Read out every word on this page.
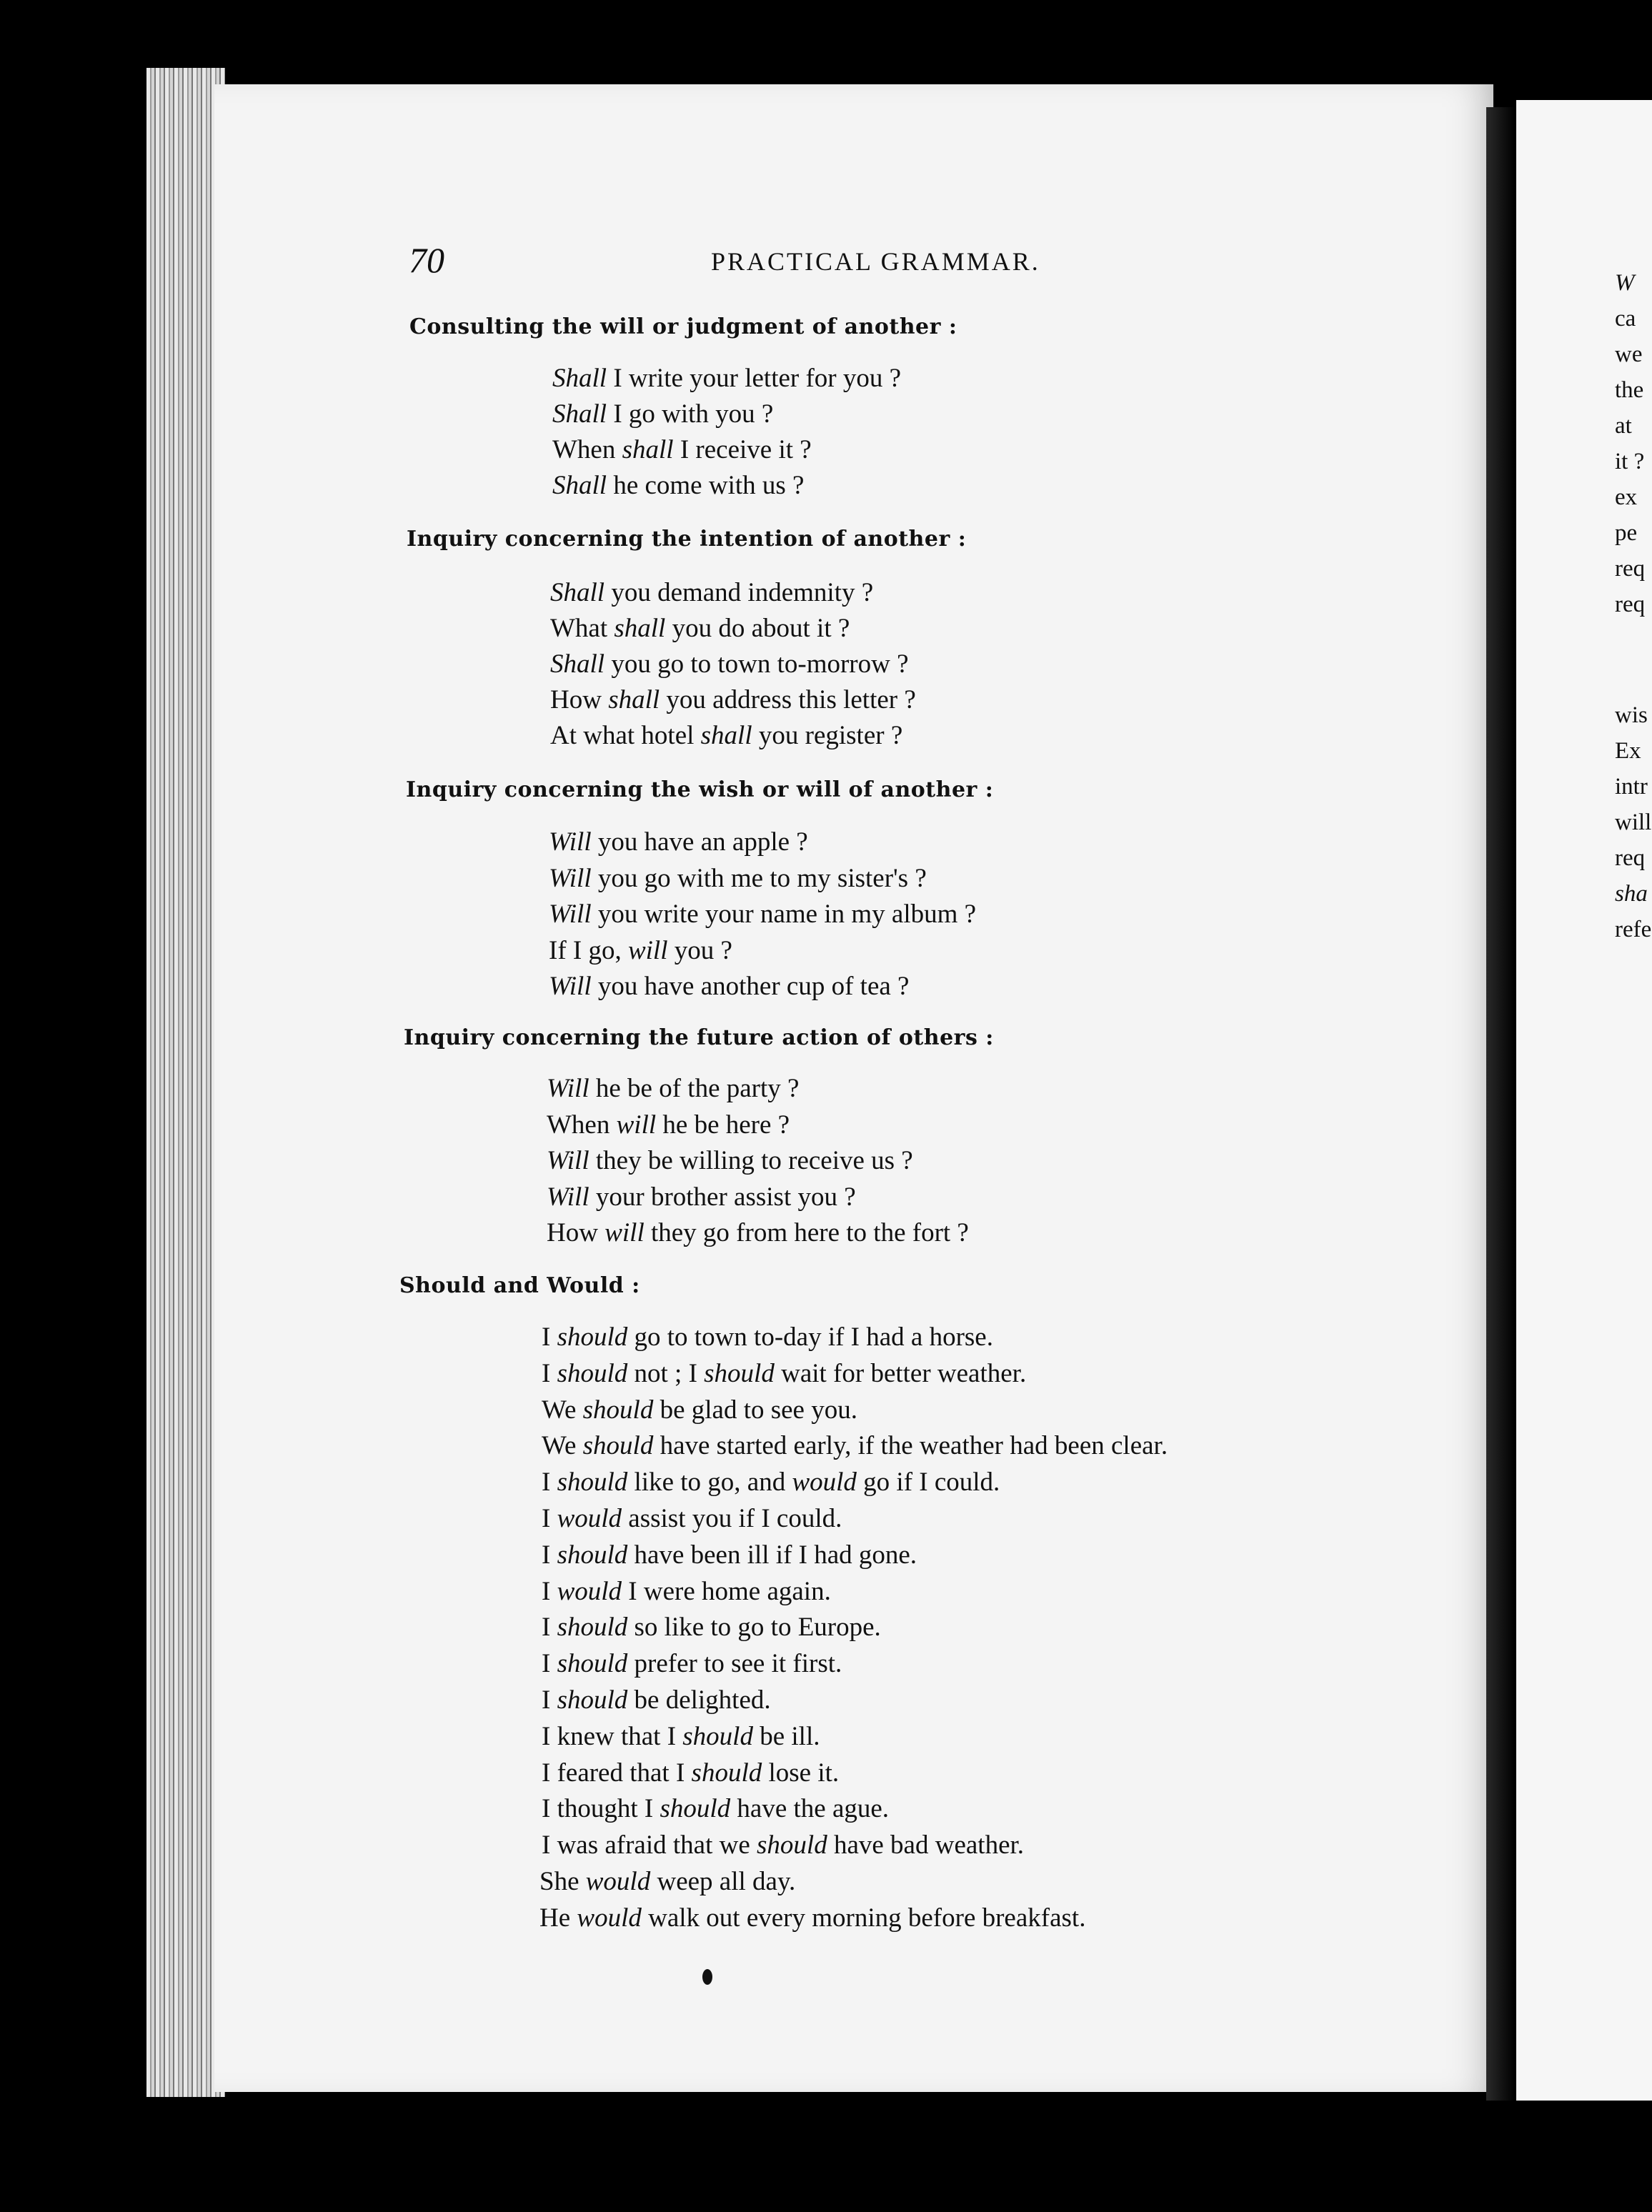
W
ca
we
the
at
it ?
ex
pe
req
req
wis
Ex
intr
will
req
sha
refe
70	PRACTICAL GRAMMAR.
Consulting the will or judgment of another :
Shall I write your letter for you ?
Shall I go with you ?
When shall I receive it ?
Shall he come with us ?
Inquiry concerning the intention of another :
Shall you demand indemnity ?
What shall you do about it ?
Shall you go to town to-morrow ?
How shall you address this letter ?
At what hotel shall you register ?
Inquiry concerning the wish or will of another :
Will you have an apple ?
Will you go with me to my sister's ?
Will you write your name in my album ?
If I go, will you ?
Will you have another cup of tea ?
Inquiry concerning the future action of others :
Will he be of the party ?
When will he be here ?
Will they be willing to receive us ?
Will your brother assist you ?
How will they go from here to the fort ?
Should and Would :
I should go to town to-day if I had a horse.
I should not ; I should wait for better weather.
We should be glad to see you.
We should have started early, if the weather had been clear.
I should like to go, and would go if I could.
I would assist you if I could.
I should have been ill if I had gone.
I would I were home again.
I should so like to go to Europe.
I should prefer to see it first.
I should be delighted.
I knew that I should be ill.
I feared that I should lose it.
I thought I should have the ague.
I was afraid that we should have bad weather.
She would weep all day.
He would walk out every morning before breakfast.
